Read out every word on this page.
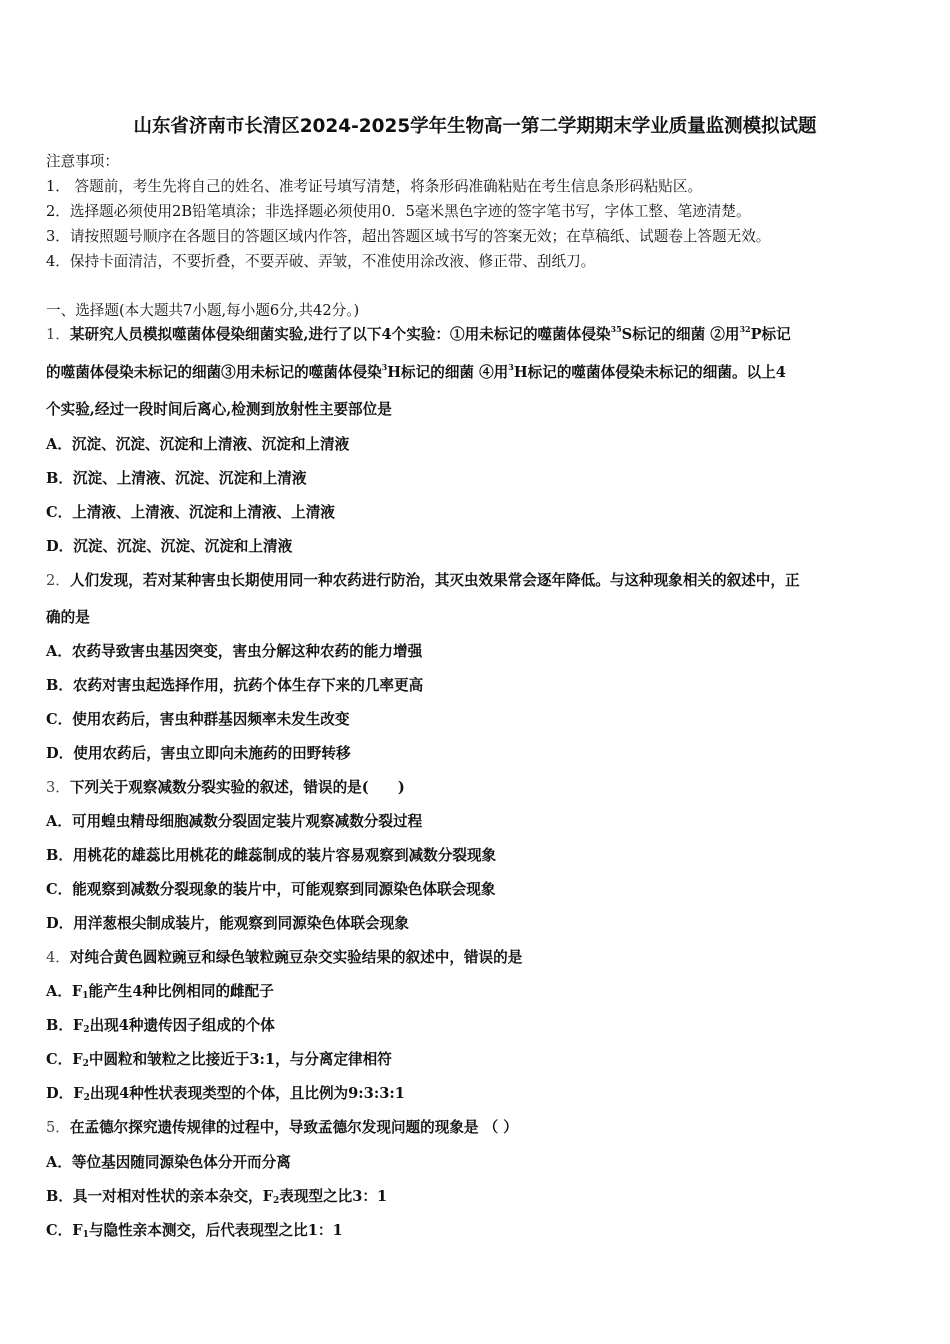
山东省济南市长清区2024-2025学年生物高一第二学期期末学业质量监测模拟试题
注意事项：
1． 答题前，考生先将自己的姓名、准考证号填写清楚，将条形码准确粘贴在考生信息条形码粘贴区。
2．选择题必须使用2B铅笔填涂；非选择题必须使用0．5毫米黑色字迹的签字笔书写，字体工整、笔迹清楚。
3．请按照题号顺序在各题目的答题区域内作答，超出答题区域书写的答案无效；在草稿纸、试题卷上答题无效。
4．保持卡面清洁，不要折叠，不要弄破、弄皱，不准使用涂改液、修正带、刮纸刀。
一、选择题(本大题共7小题,每小题6分,共42分。)
1．某研究人员模拟噬菌体侵染细菌实验,进行了以下4个实验：①用未标记的噬菌体侵染$^{35}$S标记的细菌 ②用$^{32}$P标记
的噬菌体侵染未标记的细菌③用未标记的噬菌体侵染$^3$H标记的细菌 ④用$^3$H标记的噬菌体侵染未标记的细菌。以上4
个实验,经过一段时间后离心,检测到放射性主要部位是
A．沉淀、沉淀、沉淀和上清液、沉淀和上清液
B．沉淀、上清液、沉淀、沉淀和上清液
C．上清液、上清液、沉淀和上清液、上清液
D．沉淀、沉淀、沉淀、沉淀和上清液
2．人们发现，若对某种害虫长期使用同一种农药进行防治，其灭虫效果常会逐年降低。与这种现象相关的叙述中，正
确的是
A．农药导致害虫基因突变，害虫分解这种农药的能力增强
B．农药对害虫起选择作用，抗药个体生存下来的几率更高
C．使用农药后，害虫种群基因频率未发生改变
D．使用农药后，害虫立即向未施药的田野转移
3．下列关于观察减数分裂实验的叙述，错误的是(　　)
A．可用蝗虫精母细胞减数分裂固定装片观察减数分裂过程
B．用桃花的雄蕊比用桃花的雌蕊制成的装片容易观察到减数分裂现象
C．能观察到减数分裂现象的装片中，可能观察到同源染色体联会现象
D．用洋葱根尖制成装片，能观察到同源染色体联会现象
4．对纯合黄色圆粒豌豆和绿色皱粒豌豆杂交实验结果的叙述中，错误的是
A．$F_1$能产生4种比例相同的雌配子
B．$F_2$出现4种遗传因子组成的个体
C．$F_2$中圆粒和皱粒之比接近于3:1，与分离定律相符
D．$F_2$出现4种性状表现类型的个体，且比例为9:3:3:1
5．在孟德尔探究遗传规律的过程中，导致孟德尔发现问题的现象是 （ ）
A．等位基因随同源染色体分开而分离
B．具一对相对性状的亲本杂交，$F_2$表现型之比3：1
C．$F_1$与隐性亲本测交，后代表现型之比1：1
